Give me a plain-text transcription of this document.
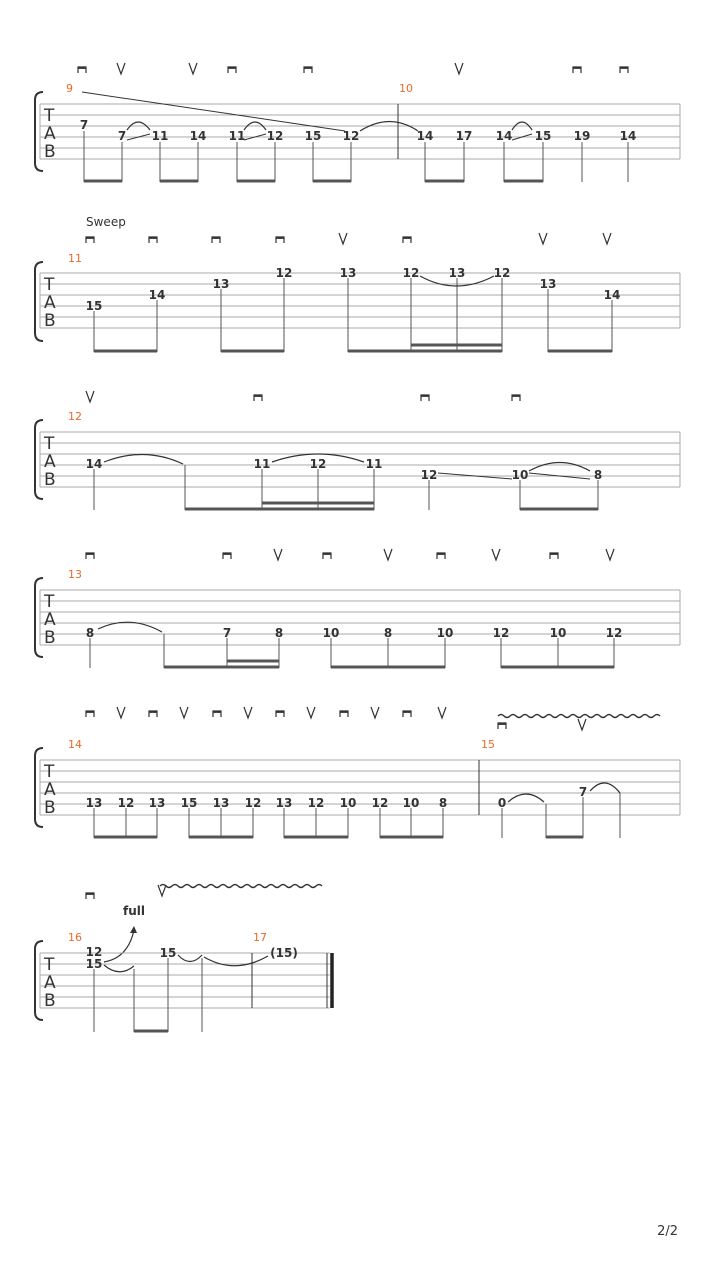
T
A
B
9	10
7
7 11 14 11 12 15 12	14 17 14 15 19 14
Sweep
T
A
B
11
15
14
13
12	13	12 13 12
13
14
T
A
B
12
14	11	12	11
12	10	8
T
A
B
13
8	7	8	10	8	10	12	10	12
T
A
B
14	15
13 12 13 15 13 12 13 12 10 12 10 8	0
7
full
T
A
B
16	17
12
15
15	(15)
2/2
